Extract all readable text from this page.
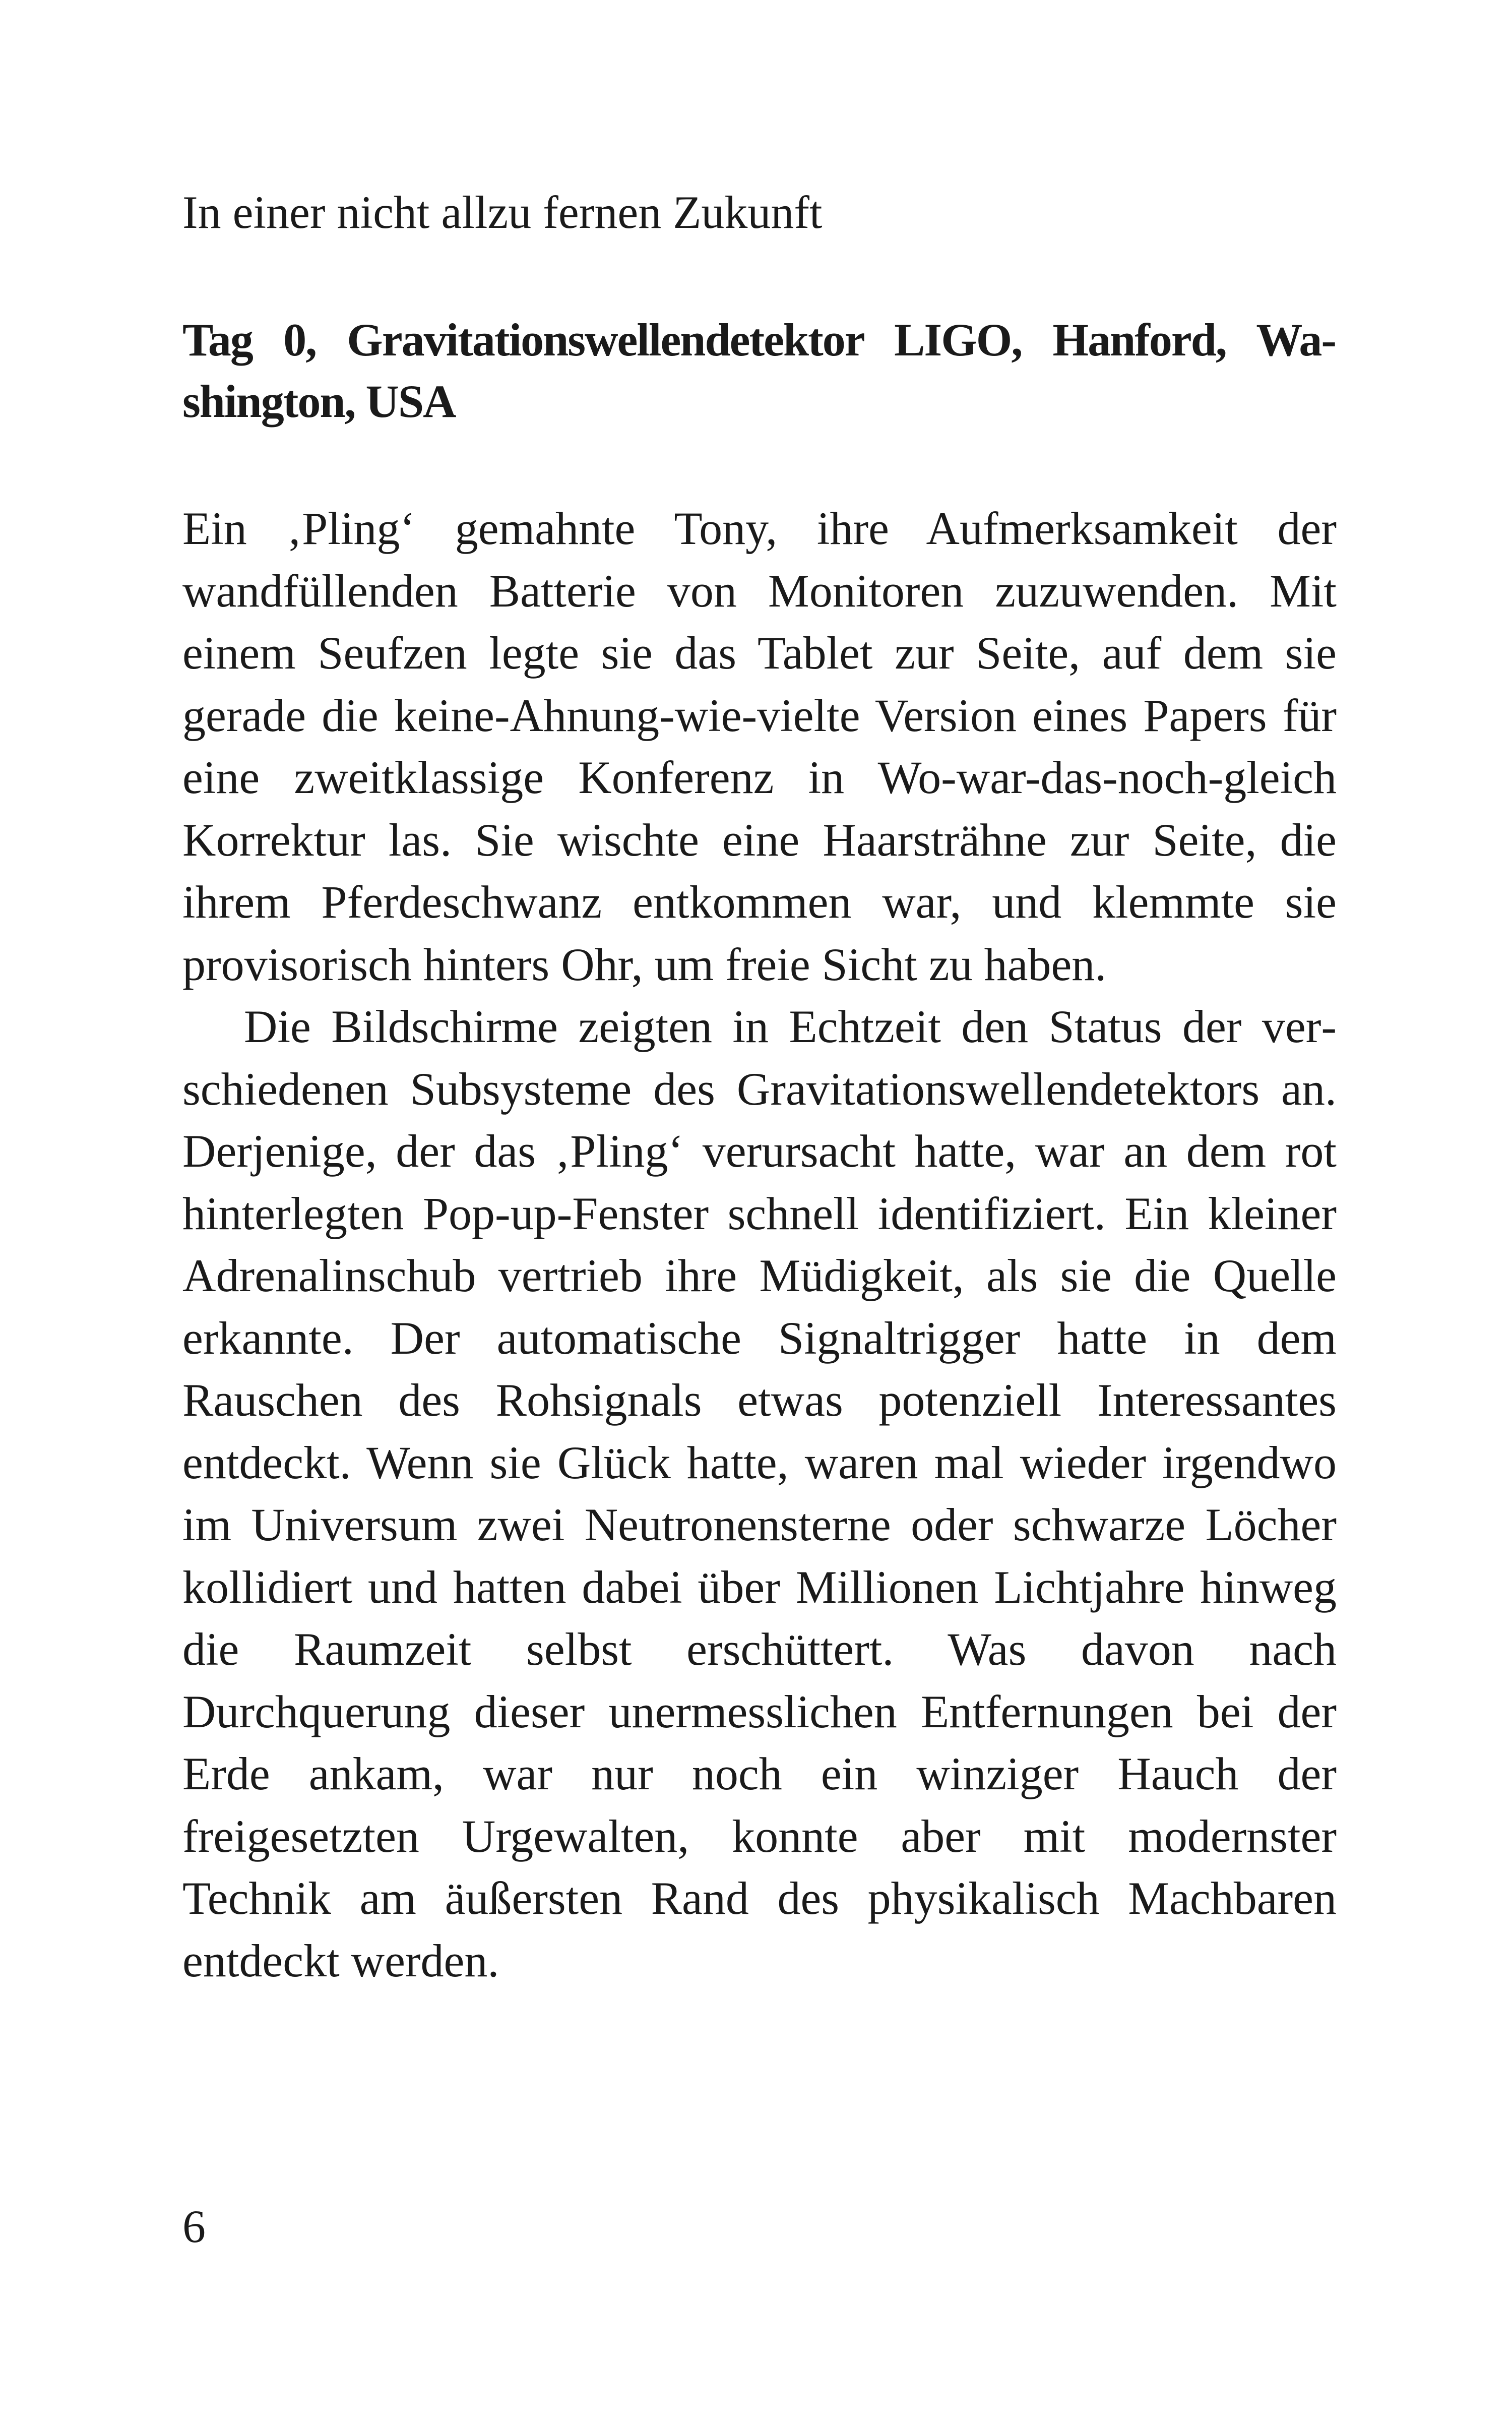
In einer nicht allzu fernen Zukunft

Tag 0, Gravitationswellendetektor LIGO, Hanford, Washington, USA

Ein ‚Pling‘ gemahnte Tony, ihre Aufmerksamkeit der wandfüllenden Batterie von Monitoren zuzuwenden. Mit einem Seufzen legte sie das Tablet zur Seite, auf dem sie gerade die keine-Ahnung-wie-vielte Version eines Papers für eine zweitklassige Konferenz in Wo-war-das-noch-gleich Korrektur las. Sie wischte eine Haarsträhne zur Seite, die ihrem Pferdeschwanz entkommen war, und klemmte sie provisorisch hinters Ohr, um freie Sicht zu haben.

Die Bildschirme zeigten in Echtzeit den Status der verschiedenen Subsysteme des Gravitationswellendetektors an. Derjenige, der das ‚Pling‘ verursacht hatte, war an dem rot hinterlegten Pop-up-Fenster schnell identifiziert. Ein kleiner Adrenalinschub vertrieb ihre Müdigkeit, als sie die Quelle erkannte. Der automatische Signaltrigger hatte in dem Rauschen des Rohsignals etwas potenziell Interessantes entdeckt. Wenn sie Glück hatte, waren mal wieder irgendwo im Universum zwei Neutronensterne oder schwarze Löcher kollidiert und hatten dabei über Millionen Lichtjahre hinweg die Raumzeit selbst erschüttert. Was davon nach Durchquerung dieser unermesslichen Entfernungen bei der Erde ankam, war nur noch ein winziger Hauch der freigesetzten Urgewalten, konnte aber mit modernster Technik am äußersten Rand des physikalisch Machbaren entdeckt werden.

6
